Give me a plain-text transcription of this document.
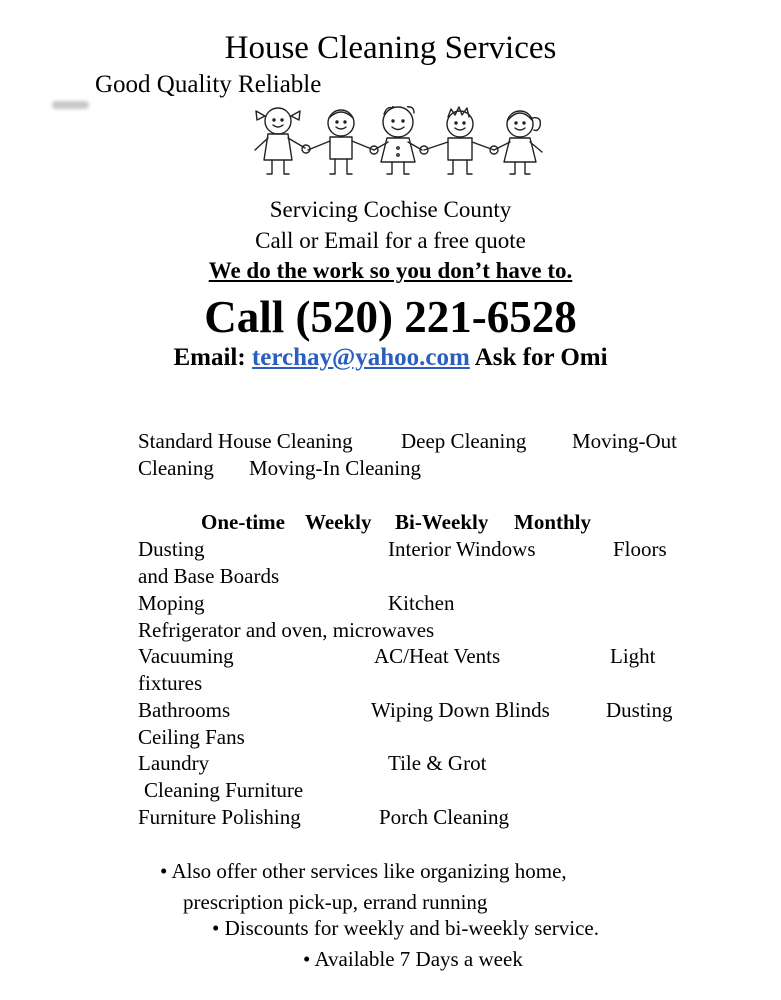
House Cleaning Services
Good Quality Reliable
Servicing Cochise County
Call or Email for a free quote
We do the work so you don’t have to.
Call (520) 221-6528
Email: terchay@yahoo.com Ask for Omi
Standard House Cleaning Deep Cleaning Moving-Out
Cleaning Moving-In Cleaning
One-time Weekly Bi-Weekly Monthly
Dusting	Interior Windows	Floors
and Base Boards
Moping	Kitchen
Refrigerator and oven, microwaves
Vacuuming	AC/Heat Vents	Light
fixtures
Bathrooms	Wiping Down Blinds	Dusting
Ceiling Fans
Laundry	Tile & Grot
Cleaning Furniture
Furniture Polishing	Porch Cleaning
• Also offer other services like organizing home,
prescription pick-up, errand running
• Discounts for weekly and bi-weekly service.
• Available 7 Days a week
